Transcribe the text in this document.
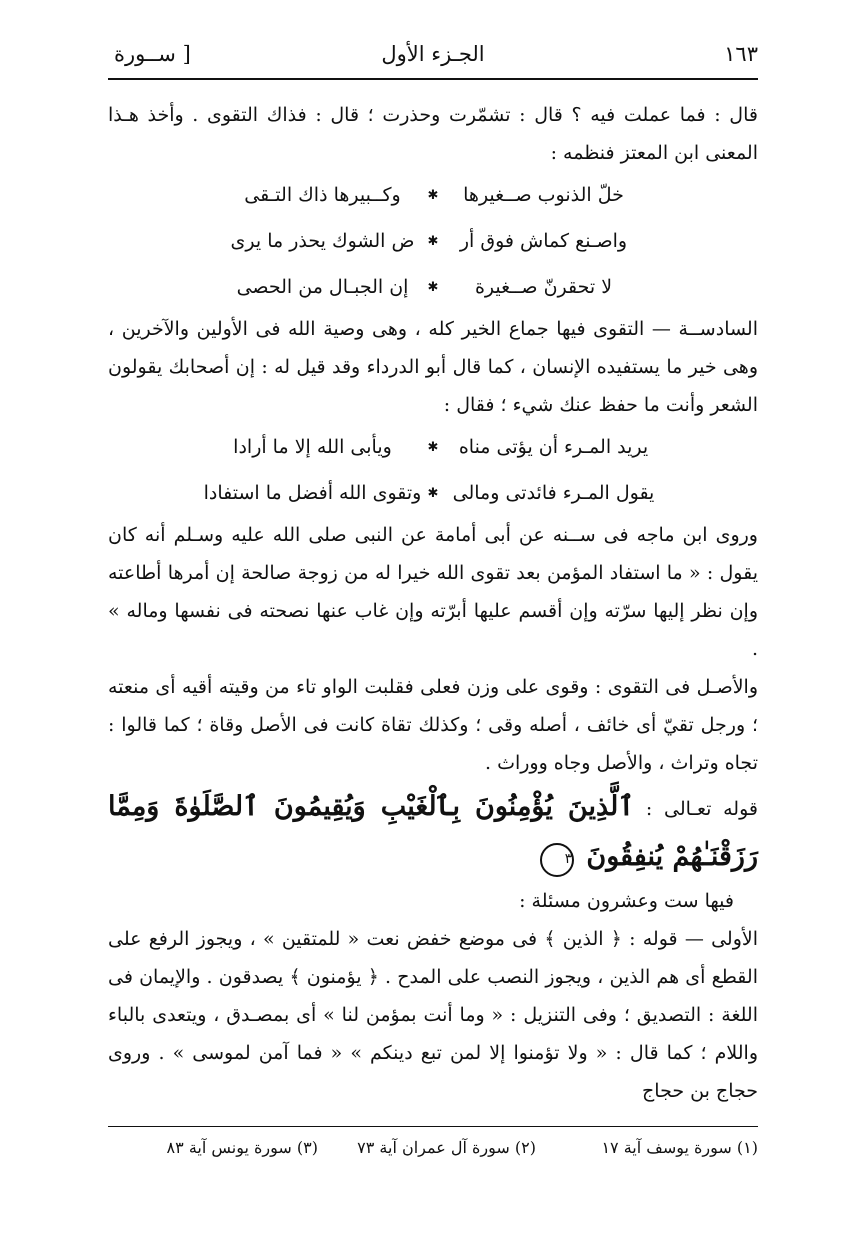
١٦٣
الجـزء الأول
[ ســورة

قال : فما عملت فيه ؟ قال : تشمّرت وحذرت ؛ قال : فذاك التقوى . وأخذ هـذا المعنى ابن المعتز فنظمه :

خلّ الذنوب صــغيرها
✱
وكــبيرها ذاك التـقى
واصـنع كماش فوق أر
✱
ض الشوك يحذر ما يرى
لا تحقرنّ صــغيرة
✱
إن الجبـال من الحصى

السادســة — التقوى فيها جماع الخير كله ، وهى وصية الله فى الأولين والآخرين ، وهى خير ما يستفيده الإنسان ، كما قال أبو الدرداء وقد قيل له : إن أصحابك يقولون الشعر وأنت ما حفظ عنك شيء ؛ فقال :

يريد المـرء أن يؤتى مناه
✱
ويأبى الله إلا ما أرادا
يقول المـرء فائدتى ومالى
✱
وتقوى الله أفضل ما استفادا

وروى ابن ماجه فى ســنه عن أبى أمامة عن النبى صلى الله عليه وسـلم أنه كان يقول : « ما استفاد المؤمن بعد تقوى الله خيرا له من زوجة صالحة إن أمرها أطاعته وإن نظر إليها سرّته وإن أقسم عليها أبرّته وإن غاب عنها نصحته فى نفسها وماله » .

والأصـل فى التقوى : وقوى على وزن فعلى فقلبت الواو تاء من وقيته أقيه أى منعته ؛ ورجل تقيّ أى خائف ، أصله وقى ؛ وكذلك تقاة كانت فى الأصل وقاة ؛ كما قالوا : تجاه وتراث ، والأصل وجاه ووراث .

قوله تعـالى : ٱلَّذِينَ يُؤْمِنُونَ بِٱلْغَيْبِ وَيُقِيمُونَ ٱلصَّلَوٰةَ وَمِمَّا رَزَقْنَـٰهُمْ يُنفِقُونَ ٣

فيها ست وعشرون مسئلة :

الأولى — قوله : ﴿ الذين ﴾ فى موضع خفض نعت « للمتقين » ، ويجوز الرفع على القطع أى هم الذين ، ويجوز النصب على المدح . ﴿ يؤمنون ﴾ يصدقون . والإيمان فى اللغة : التصديق ؛ وفى التنزيل : « وما أنت بمؤمن لنا » أى بمصـدق ، ويتعدى بالباء واللام ؛ كما قال : « ولا تؤمنوا إلا لمن تبع دينكم » « فما آمن لموسى » . وروى حجاج بن حجاج

(١) سورة يوسف آية ١٧
(٢) سورة آل عمران آية ٧٣
(٣) سورة يونس آية ٨٣
